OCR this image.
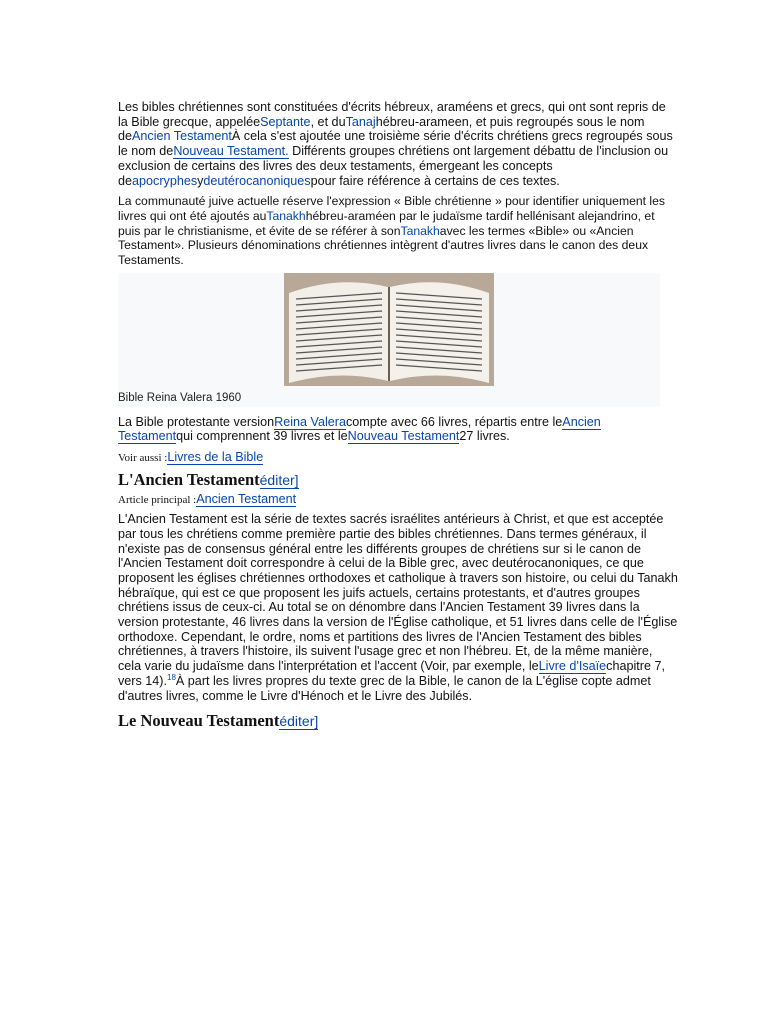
Les bibles chrétiennes sont constituées d'écrits hébreux, araméens et grecs, qui ont sont repris de la Bible grecque, appeléeSeptante, et duTanajhébreu-arameen, et puis regroupés sous le nom deAncien TestamentÀ cela s'est ajoutée une troisième série d'écrits chrétiens grecs regroupés sous le nom deNouveau Testament. Différents groupes chrétiens ont largement débattu de l'inclusion ou exclusion de certains des livres des deux testaments, émergeant les concepts deapocryphesydeutérocanoniquespour faire référence à certains de ces textes.

La communauté juive actuelle réserve l'expression « Bible chrétienne » pour identifier uniquement les livres qui ont été ajoutés auTanakhhébreu-araméen par le judaïsme tardif hellénisant alejandrino, et puis par le christianisme, et évite de se référer à sonTanakhavec les termes «Bible» ou «Ancien Testament». Plusieurs dénominations chrétiennes intègrent d'autres livres dans le canon des deux Testaments.

Bible Reina Valera 1960

La Bible protestante versionReina Valeracompte avec 66 livres, répartis entre leAncien Testamentqui comprennent 39 livres et leNouveau Testament27 livres.

Voir aussi :Livres de la Bible
L'Ancien Testamentéditer]
Article principal :Ancien Testament

L'Ancien Testament est la série de textes sacrés israélites antérieurs à Christ, et que est acceptée par tous les chrétiens comme première partie des bibles chrétiennes. Dans termes généraux, il n'existe pas de consensus général entre les différents groupes de chrétiens sur si le canon de l'Ancien Testament doit correspondre à celui de la Bible grec, avec deutérocanoniques, ce que proposent les églises chrétiennes orthodoxes et catholique à travers son histoire, ou celui du Tanakh hébraïque, qui est ce que proposent les juifs actuels, certains protestants, et d'autres groupes chrétiens issus de ceux-ci. Au total se on dénombre dans l'Ancien Testament 39 livres dans la version protestante, 46 livres dans la version de l'Église catholique, et 51 livres dans celle de l'Église orthodoxe. Cependant, le ordre, noms et partitions des livres de l'Ancien Testament des bibles chrétiennes, à travers l'histoire, ils suivent l'usage grec et non l'hébreu. Et, de la même manière, cela varie du judaïsme dans l'interprétation et l'accent (Voir, par exemple, leLivre d'Isaïechapitre 7, vers 14).$^{18}$À part les livres propres du texte grec de la Bible, le canon de la L'église copte admet d'autres livres, comme le Livre d'Hénoch et le Livre des Jubilés.

Le Nouveau Testamentéditer]
